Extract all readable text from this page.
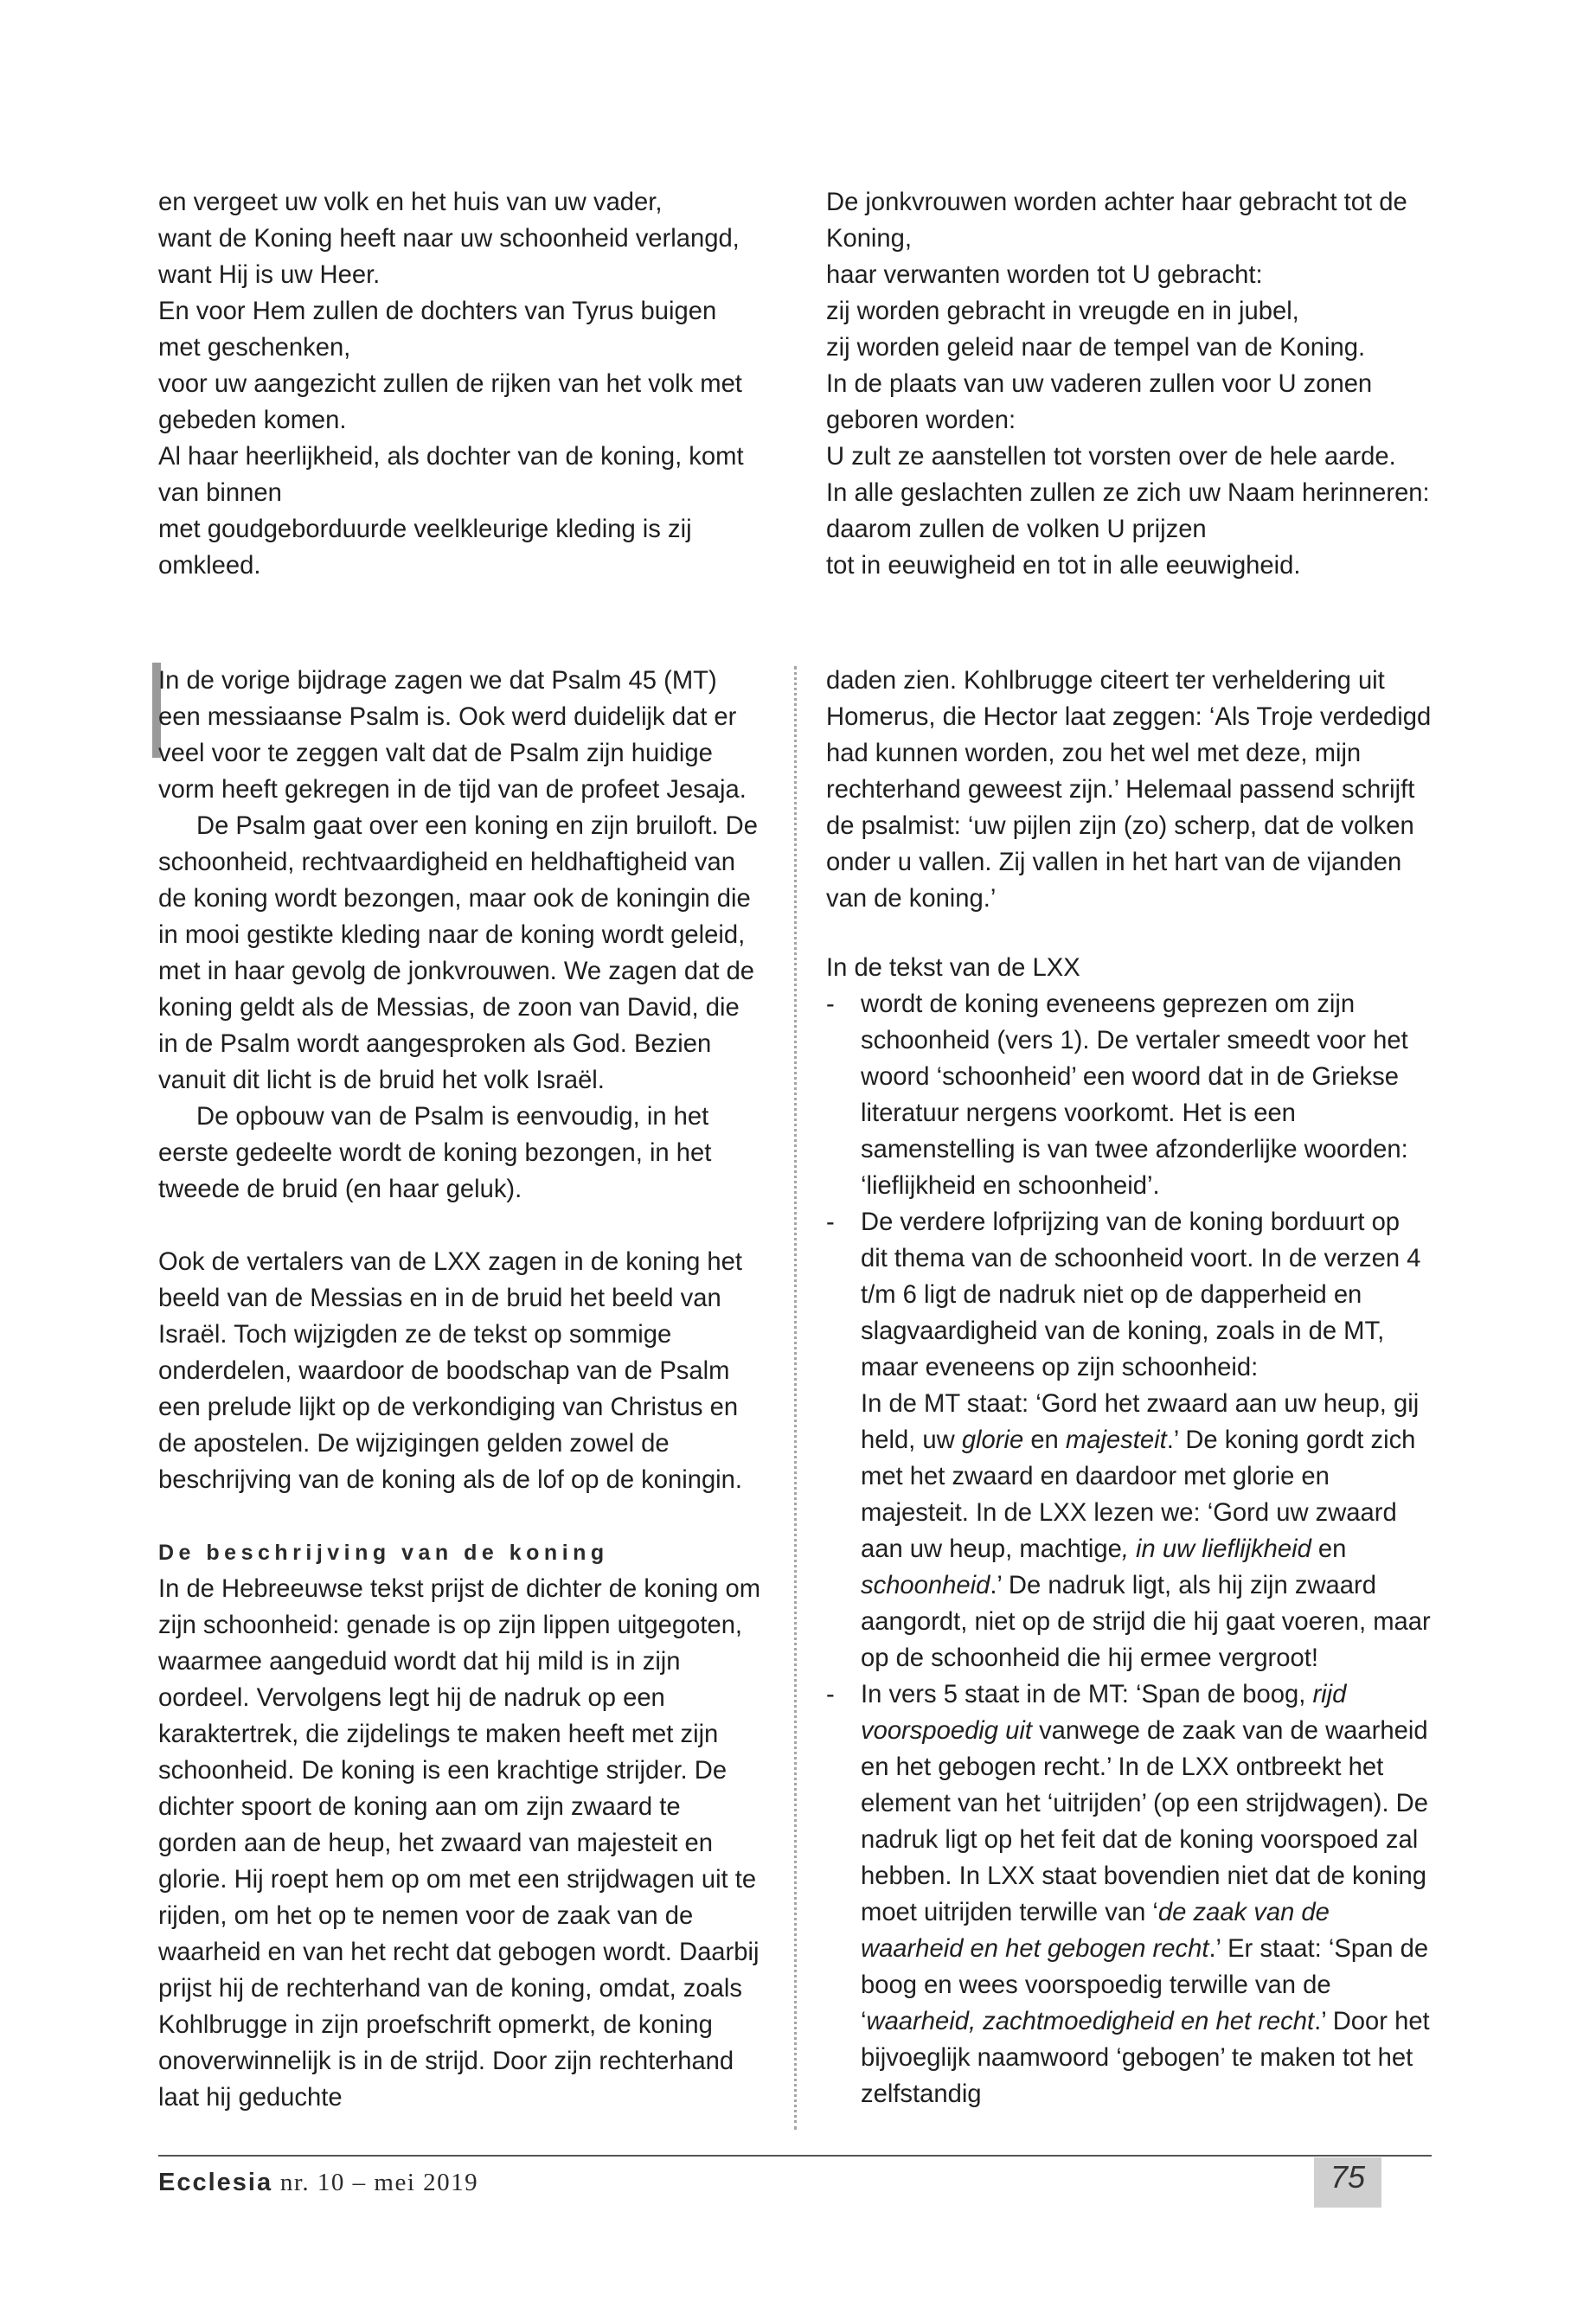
en vergeet uw volk en het huis van uw vader,

want de Koning heeft naar uw schoonheid verlangd,

want Hij is uw Heer.

En voor Hem zullen de dochters van Tyrus buigen met geschenken,

voor uw aangezicht zullen de rijken van het volk met gebeden komen.

Al haar heerlijkheid, als dochter van de koning, komt van binnen

met goudgeborduurde veelkleurige kleding is zij omkleed.

De jonkvrouwen worden achter haar gebracht tot de Koning,

haar verwanten worden tot U gebracht:

zij worden gebracht in vreugde en in jubel,

zij worden geleid naar de tempel van de Koning.

In de plaats van uw vaderen zullen voor U zonen geboren worden:

U zult ze aanstellen tot vorsten over de hele aarde.

In alle geslachten zullen ze zich uw Naam herinneren:

daarom zullen de volken U prijzen

tot in eeuwigheid en tot in alle eeuwigheid.

In de vorige bijdrage zagen we dat Psalm 45 (MT) een messiaanse Psalm is. Ook werd duidelijk dat er veel voor te zeggen valt dat de Psalm zijn huidige vorm heeft gekregen in de tijd van de profeet Jesaja.

De Psalm gaat over een koning en zijn bruiloft. De schoonheid, rechtvaardigheid en heldhaftigheid van de koning wordt bezongen, maar ook de koningin die in mooi gestikte kleding naar de koning wordt geleid, met in haar gevolg de jonkvrouwen. We zagen dat de koning geldt als de Messias, de zoon van David, die in de Psalm wordt aangesproken als God. Bezien vanuit dit licht is de bruid het volk Israël.

De opbouw van de Psalm is eenvoudig, in het eerste gedeelte wordt de koning bezongen, in het tweede de bruid (en haar geluk).

Ook de vertalers van de LXX zagen in de koning het beeld van de Messias en in de bruid het beeld van Israël. Toch wijzigden ze de tekst op sommige onderdelen, waardoor de boodschap van de Psalm een prelude lijkt op de verkondiging van Christus en de apostelen. De wijzigingen gelden zowel de beschrijving van de koning als de lof op de koningin.

De beschrijving van de koning

In de Hebreeuwse tekst prijst de dichter de koning om zijn schoonheid: genade is op zijn lippen uitgegoten, waarmee aangeduid wordt dat hij mild is in zijn oordeel. Vervolgens legt hij de nadruk op een karaktertrek, die zijdelings te maken heeft met zijn schoonheid. De koning is een krachtige strijder. De dichter spoort de koning aan om zijn zwaard te gorden aan de heup, het zwaard van majesteit en glorie. Hij roept hem op om met een strijdwagen uit te rijden, om het op te nemen voor de zaak van de waarheid en van het recht dat gebogen wordt. Daarbij prijst hij de rechterhand van de koning, omdat, zoals Kohlbrugge in zijn proefschrift opmerkt, de koning onoverwinnelijk is in de strijd. Door zijn rechterhand laat hij geduchte

daden zien. Kohlbrugge citeert ter verheldering uit Homerus, die Hector laat zeggen: ‘Als Troje verdedigd had kunnen worden, zou het wel met deze, mijn rechterhand geweest zijn.’ Helemaal passend schrijft de psalmist: ‘uw pijlen zijn (zo) scherp, dat de volken onder u vallen. Zij vallen in het hart van de vijanden van de koning.’

In de tekst van de LXX

-	wordt de koning eveneens geprezen om zijn schoonheid (vers 1). De vertaler smeedt voor het woord ‘schoonheid’ een woord dat in de Griekse literatuur nergens voorkomt. Het is een samenstelling is van twee afzonderlijke woorden: ‘lieflijkheid en schoonheid’.
-	De verdere lofprijzing van de koning borduurt op dit thema van de schoonheid voort. In de verzen 4 t/m 6 ligt de nadruk niet op de dapperheid en slagvaardigheid van de koning, zoals in de MT, maar eveneens op zijn schoonheid:

In de MT staat: ‘Gord het zwaard aan uw heup, gij held, uw glorie en majesteit.’ De koning gordt zich met het zwaard en daardoor met glorie en majesteit. In de LXX lezen we: ‘Gord uw zwaard aan uw heup, machtige, in uw lieflijkheid en schoonheid.’ De nadruk ligt, als hij zijn zwaard aangordt, niet op de strijd die hij gaat voeren, maar op de schoonheid die hij ermee vergroot!

-	In vers 5 staat in de MT: ‘Span de boog, rijd voorspoedig uit vanwege de zaak van de waarheid en het gebogen recht.’ In de LXX ontbreekt het element van het ‘uitrijden’ (op een strijdwagen). De nadruk ligt op het feit dat de koning voorspoed zal hebben. In LXX staat bovendien niet dat de koning moet uitrijden terwille van ‘de zaak van de waarheid en het gebogen recht.’ Er staat: ‘Span de boog en wees voorspoedig terwille van de ‘waarheid, zachtmoedigheid en het recht.’ Door het bijvoeglijk naamwoord ‘gebogen’ te maken tot het zelfstandig
Ecclesia nr. 10 – mei 2019	75
